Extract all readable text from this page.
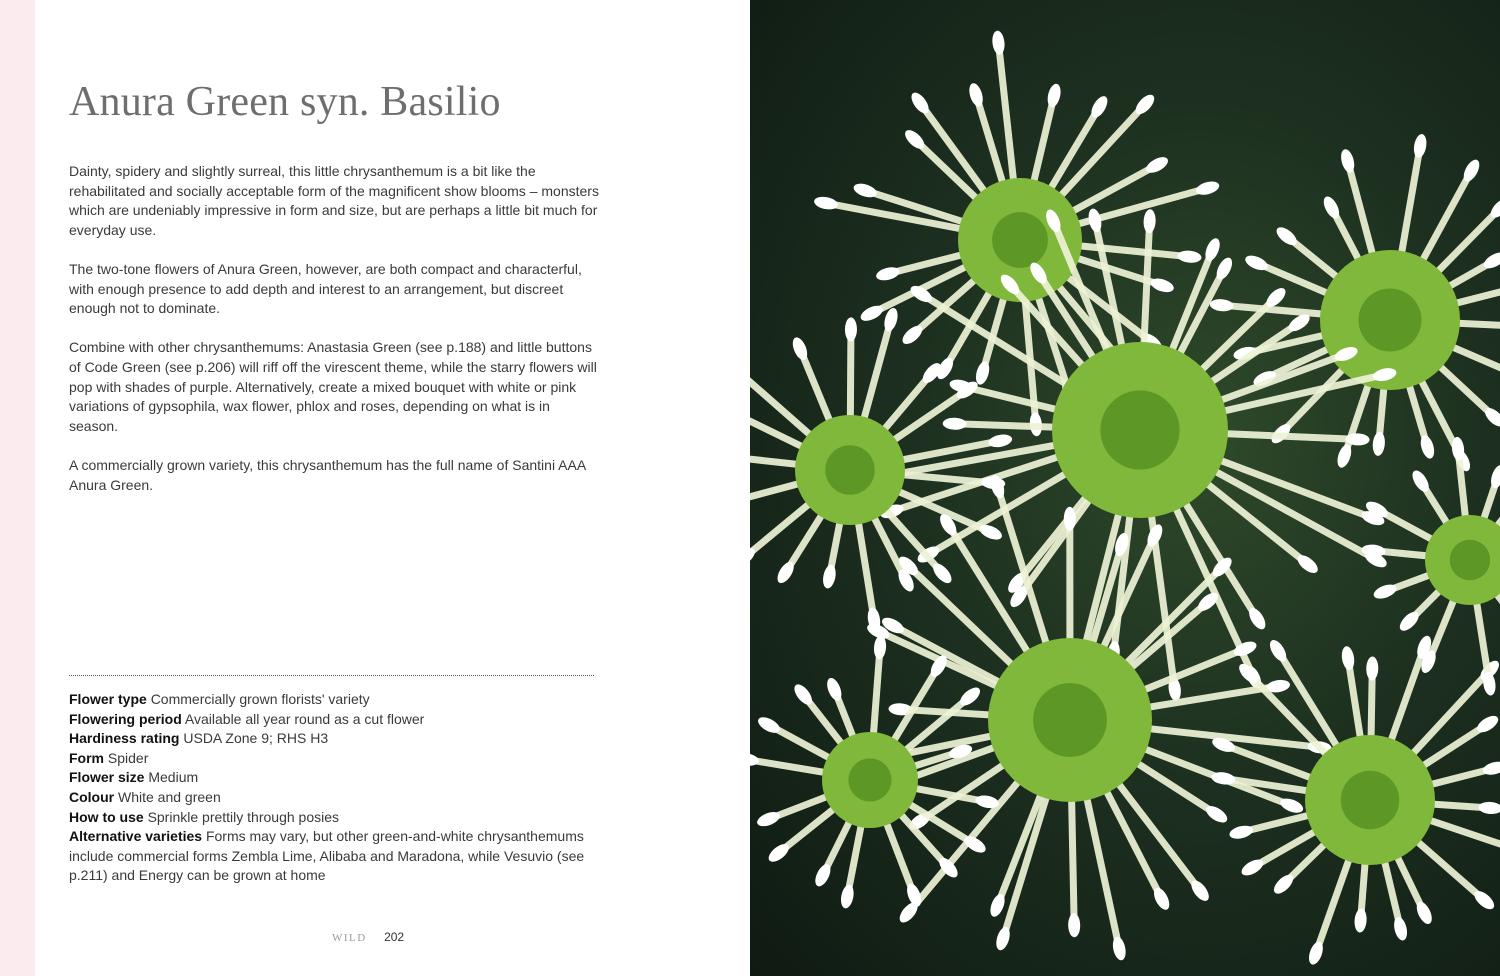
Anura Green syn. Basilio

Dainty, spidery and slightly surreal, this little chrysanthemum is a bit like the rehabilitated and socially acceptable form of the magnificent show blooms – monsters which are undeniably impressive in form and size, but are perhaps a little bit much for everyday use.

The two-tone flowers of Anura Green, however, are both compact and characterful, with enough presence to add depth and interest to an arrangement, but discreet enough not to dominate.

Combine with other chrysanthemums: Anastasia Green (see p.188) and little buttons of Code Green (see p.206) will riff off the virescent theme, while the starry flowers will pop with shades of purple. Alternatively, create a mixed bouquet with white or pink variations of gypsophila, wax flower, phlox and roses, depending on what is in season.

A commercially grown variety, this chrysanthemum has the full name of Santini AAA Anura Green.

Flower type Commercially grown florists' variety
Flowering period Available all year round as a cut flower
Hardiness rating USDA Zone 9; RHS H3
Form Spider
Flower size Medium
Colour White and green
How to use Sprinkle prettily through posies
Alternative varieties Forms may vary, but other green-and-white chrysanthemums include commercial forms Zembla Lime, Alibaba and Maradona, while Vesuvio (see p.211) and Energy can be grown at home
WILD 202
